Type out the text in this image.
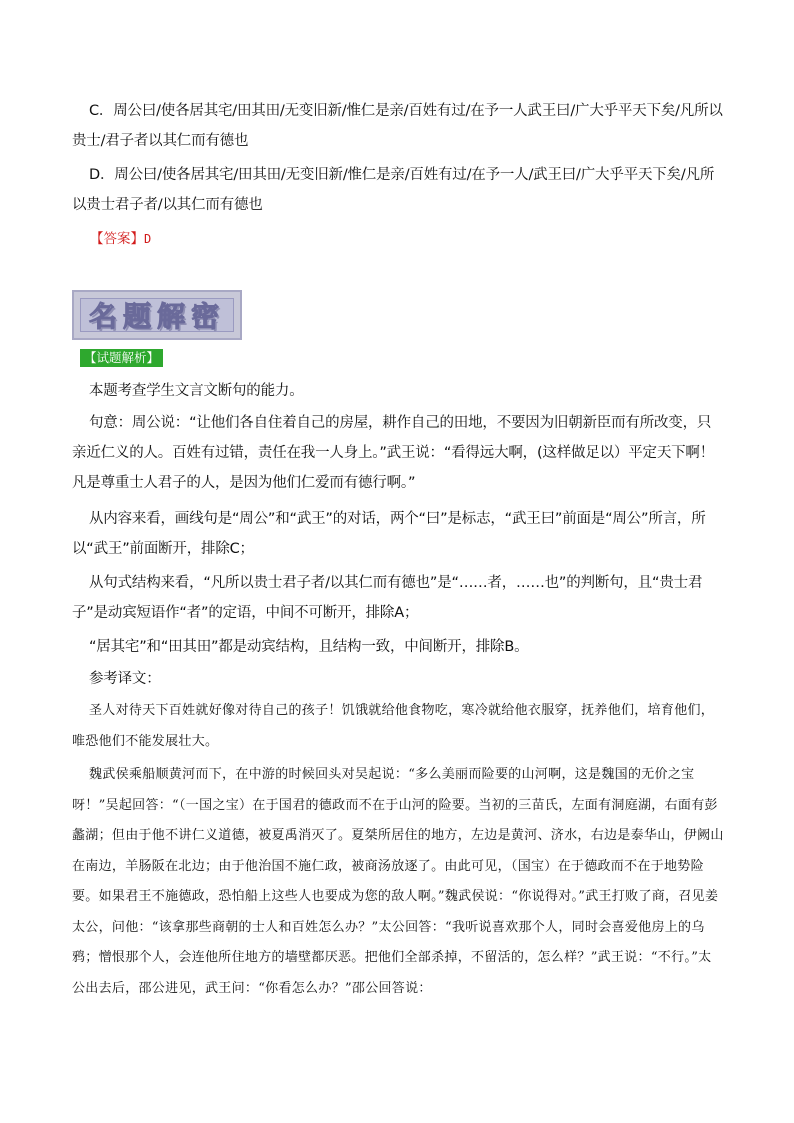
C．周公曰/使各居其宅/田其田/无变旧新/惟仁是亲/百姓有过/在予一人武王曰/广大乎平天下矣/凡所以贵士/君子者以其仁而有德也
D．周公曰/使各居其宅/田其田/无变旧新/惟仁是亲/百姓有过/在予一人/武王曰/广大乎平天下矣/凡所以贵士君子者/以其仁而有德也
【答案】D
名题解密
【试题解析】
本题考查学生文言文断句的能力。
句意：周公说：“让他们各自住着自己的房屋，耕作自己的田地，不要因为旧朝新臣而有所改变，只亲近仁义的人。百姓有过错，责任在我一人身上。”武王说：“看得远大啊，(这样做足以）平定天下啊！凡是尊重士人君子的人，是因为他们仁爱而有德行啊。”
从内容来看，画线句是“周公”和“武王”的对话，两个“曰”是标志，“武王曰”前面是“周公”所言，所以“武王”前面断开，排除C；
从句式结构来看，“凡所以贵士君子者/以其仁而有德也”是“……者，……也”的判断句，且“贵士君子”是动宾短语作“者”的定语，中间不可断开，排除A；
“居其宅”和“田其田”都是动宾结构，且结构一致，中间断开，排除B。
参考译文：
圣人对待天下百姓就好像对待自己的孩子！饥饿就给他食物吃，寒冷就给他衣服穿，抚养他们，培育他们，唯恐他们不能发展壮大。
魏武侯乘船顺黄河而下，在中游的时候回头对吴起说：“多么美丽而险要的山河啊，这是魏国的无价之宝呀！”吴起回答：“（一国之宝）在于国君的德政而不在于山河的险要。当初的三苗氏，左面有洞庭湖，右面有彭蠡湖；但由于他不讲仁义道德，被夏禹消灭了。夏桀所居住的地方，左边是黄河、济水，右边是泰华山，伊阙山在南边，羊肠阪在北边；由于他治国不施仁政，被商汤放逐了。由此可见，（国宝）在于德政而不在于地势险要。如果君王不施德政，恐怕船上这些人也要成为您的敌人啊。”魏武侯说：“你说得对。”武王打败了商，召见姜太公，问他：“该拿那些商朝的士人和百姓怎么办？”太公回答：“我听说喜欢那个人，同时会喜爱他房上的乌鸦；憎恨那个人，会连他所住地方的墙壁都厌恶。把他们全部杀掉，不留活的，怎么样？”武王说：“不行。”太公出去后，邵公进见，武王问：“你看怎么办？”邵公回答说：
